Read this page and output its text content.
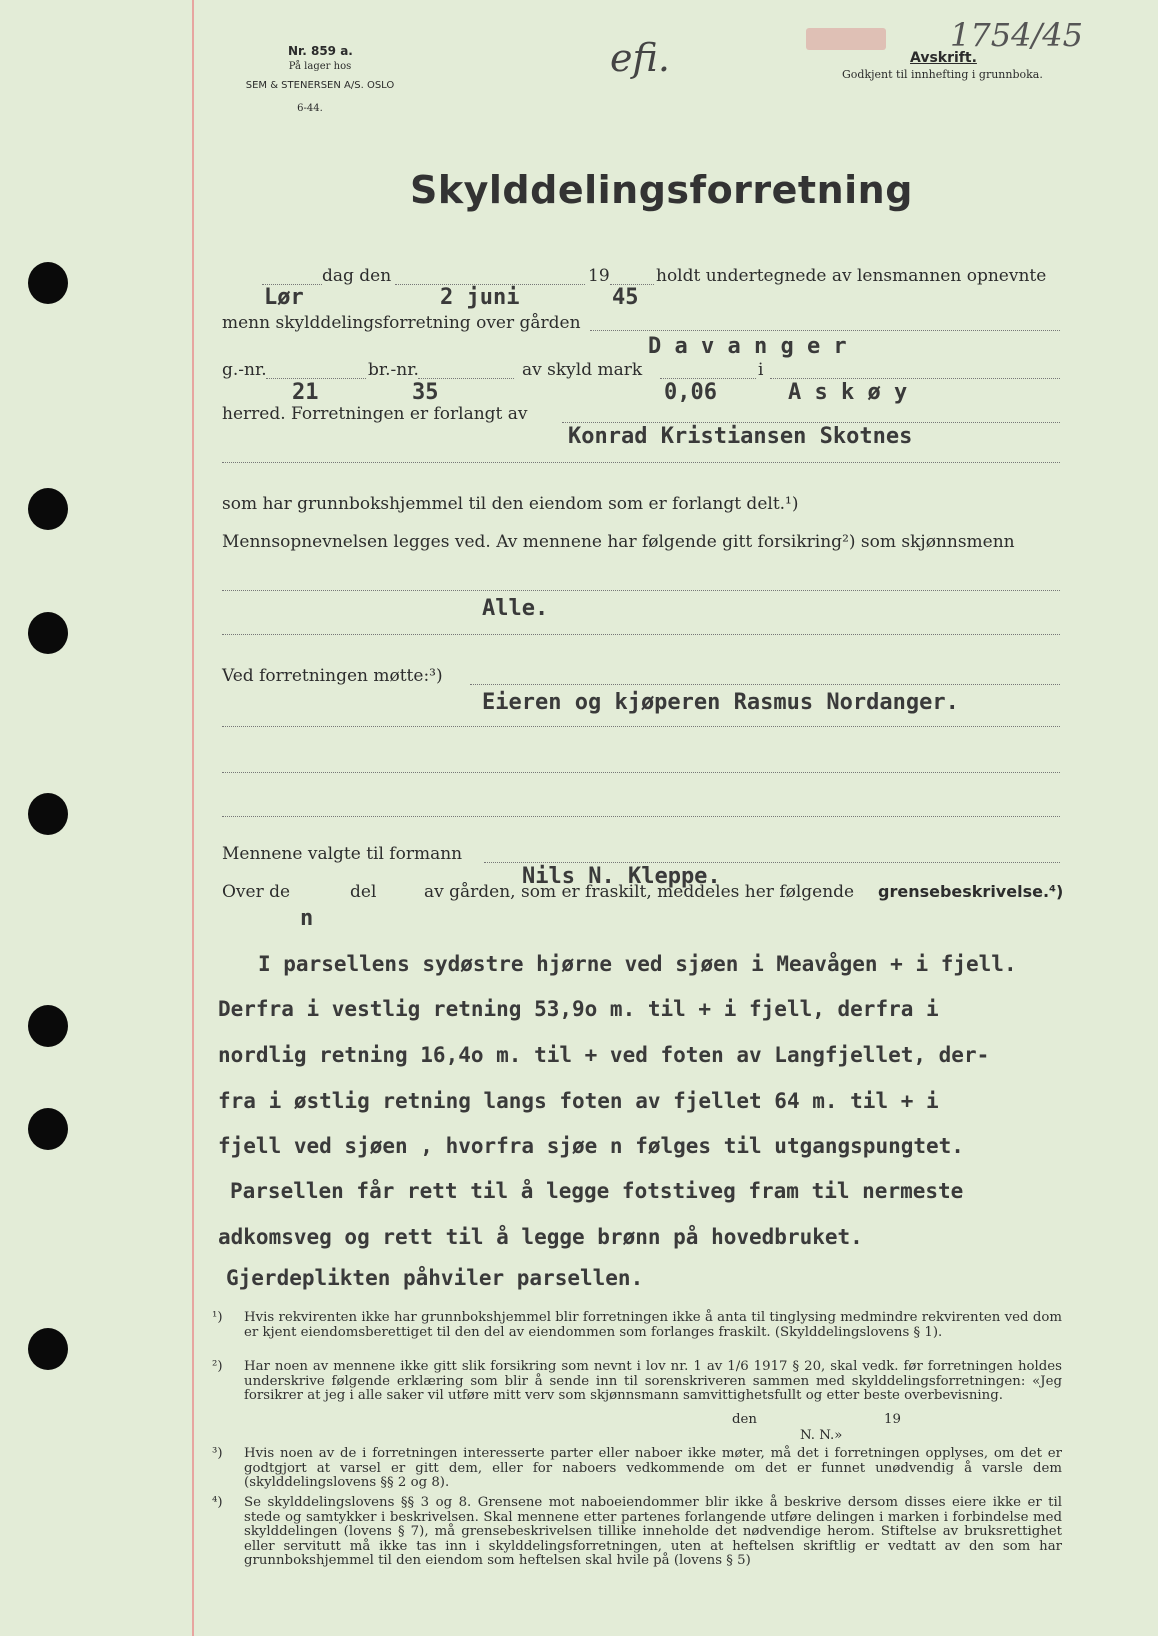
Nr. 859 a.
På lager hos
SEM & STENERSEN A/S. OSLO
6-44.
efi.	Avskrift.
Godkjent til innhefting i grunnboka.
1754/45
Skylddelingsforretning
dag den	19	holdt undertegnede av lensmannen opnevnte
Lør	2 juni	45
menn skylddelingsforretning over gården
D a v a n g e r
g.-nr.	br.-nr.	av skyld mark	i
21	35	0,06	A s k ø y
herred. Forretningen er forlangt av
Konrad Kristiansen Skotnes
som har grunnbokshjemmel til den eiendom som er forlangt delt.¹)
Mennsopnevnelsen legges ved. Av mennene har følgende gitt forsikring²) som skjønnsmenn
Alle.
Ved forretningen møtte:³)
Eieren og kjøperen Rasmus Nordanger.
Mennene valgte til formann
Nils N. Kleppe.
Over de	del	av gården, som er fraskilt, meddeles her følgende grensebeskrivelse.⁴)
n
I parsellens sydøstre hjørne ved sjøen i Meavågen + i fjell.
Derfra i vestlig retning 53,9o m. til + i fjell, derfra i
nordlig retning 16,4o m. til + ved foten av Langfjellet, der-
fra i østlig retning langs foten av fjellet 64 m. til + i
fjell ved sjøen , hvorfra sjøe n følges til utgangspungtet.
Parsellen får rett til å legge fotstiveg fram til nermeste
adkomsveg og rett til å legge brønn på hovedbruket.
Gjerdeplikten påhviler parsellen.
¹)	Hvis rekvirenten ikke har grunnbokshjemmel blir forretningen ikke å anta til tinglysing medmindre rekvirenten ved dom er kjent eiendomsberettiget til den del av eiendommen som forlanges fraskilt. (Skylddelingslovens § 1).
²)	Har noen av mennene ikke gitt slik forsikring som nevnt i lov nr. 1 av 1/6 1917 § 20, skal vedk. før forretningen holdes underskrive følgende erklæring som blir å sende inn til sorenskriveren sammen med skylddelingsforretningen: «Jeg forsikrer at jeg i alle saker vil utføre mitt verv som skjønnsmann samvittighetsfullt og etter beste overbevisning.
den	19
N. N.»
³)	Hvis noen av de i forretningen interesserte parter eller naboer ikke møter, må det i forretningen opplyses, om det er godtgjort at varsel er gitt dem, eller for naboers vedkommende om det er funnet unødvendig å varsle dem (skylddelingslovens §§ 2 og 8).
⁴)	Se skylddelingslovens §§ 3 og 8. Grensene mot naboeiendommer blir ikke å beskrive dersom disses eiere ikke er til stede og samtykker i beskrivelsen. Skal mennene etter partenes forlangende utføre delingen i marken i forbindelse med skylddelingen (lovens § 7), må grensebeskrivelsen tillike inneholde det nødvendige herom. Stiftelse av bruksrettighet eller servitutt må ikke tas inn i skylddelingsforretningen, uten at heftelsen skriftlig er vedtatt av den som har grunnbokshjemmel til den eiendom som heftelsen skal hvile på (lovens § 5)
